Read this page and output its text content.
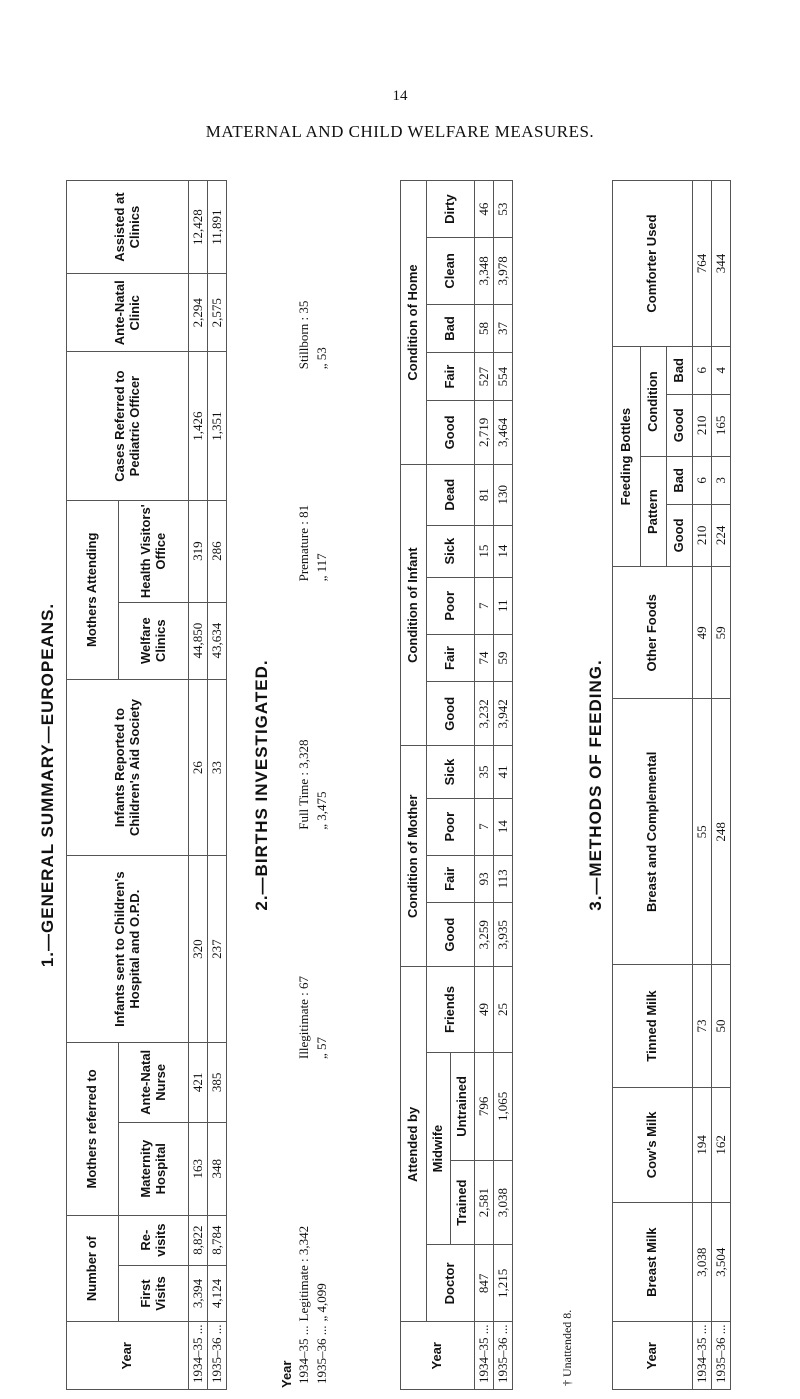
14
MATERNAL AND CHILD WELFARE MEASURES.
1.—GENERAL SUMMARY—EUROPEANS.
Year	Number of		Mothers referred to		Infants sent to Children's Hospital and O.P.D.	Infants Reported to Children's Aid Society	Mothers Attending		Cases Referred to Pediatric Officer	Ante-Natal Clinic	Assisted at Clinics
	First Visits	Re-visits	Maternity Hospital	Ante-Natal Nurse			Welfare Clinics	Health Visitors' Office			
1934–35 ...	3,394	8,822	163	421	320	26	44,850	319	1,426	2,294	12,428
1935–36 ...	4,124	8,784	348	385	237	33	43,634	286	1,351	2,575	11,891
2.—BIRTHS INVESTIGATED.
Year					
1934–35 ...	Legitimate : 3,342	Illegitimate : 67	Full Time : 3,328	Premature : 81	Stillborn : 35
1935–36 ...	„ 4,099	„ 57	„ 3,475	„ 117	„ 53
Year	Attended by				Condition of Mother				Condition of Infant					Condition of Home				
	Doctor	Midwife		Friends	Good	Fair	Poor	Sick	Good	Fair	Poor	Sick	Dead	Good	Fair	Bad	Clean	Dirty
		Trained	Untrained															
1934–35 ...	847	2,581	796	49	3,259	93	7	35	3,232	74	7	15	81	2,719	527	58	3,348	46
1935–36 ...	1,215	3,038	1,065	25	3,935	113	14	41	3,942	59	11	14	130	3,464	554	37	3,978	53
† Unattended 8.
3.—METHODS OF FEEDING.
Year	Breast Milk	Cow's Milk	Tinned Milk	Breast and Complemental	Other Foods	Feeding Bottles				Comforter Used
						Pattern		Condition		
						Good	Bad	Good	Bad	
1934–35 ...	3,038	194	73	55	49	210	6	210	6	764
1935–36 ...	3,504	162	50	248	59	224	3	165	4	344
